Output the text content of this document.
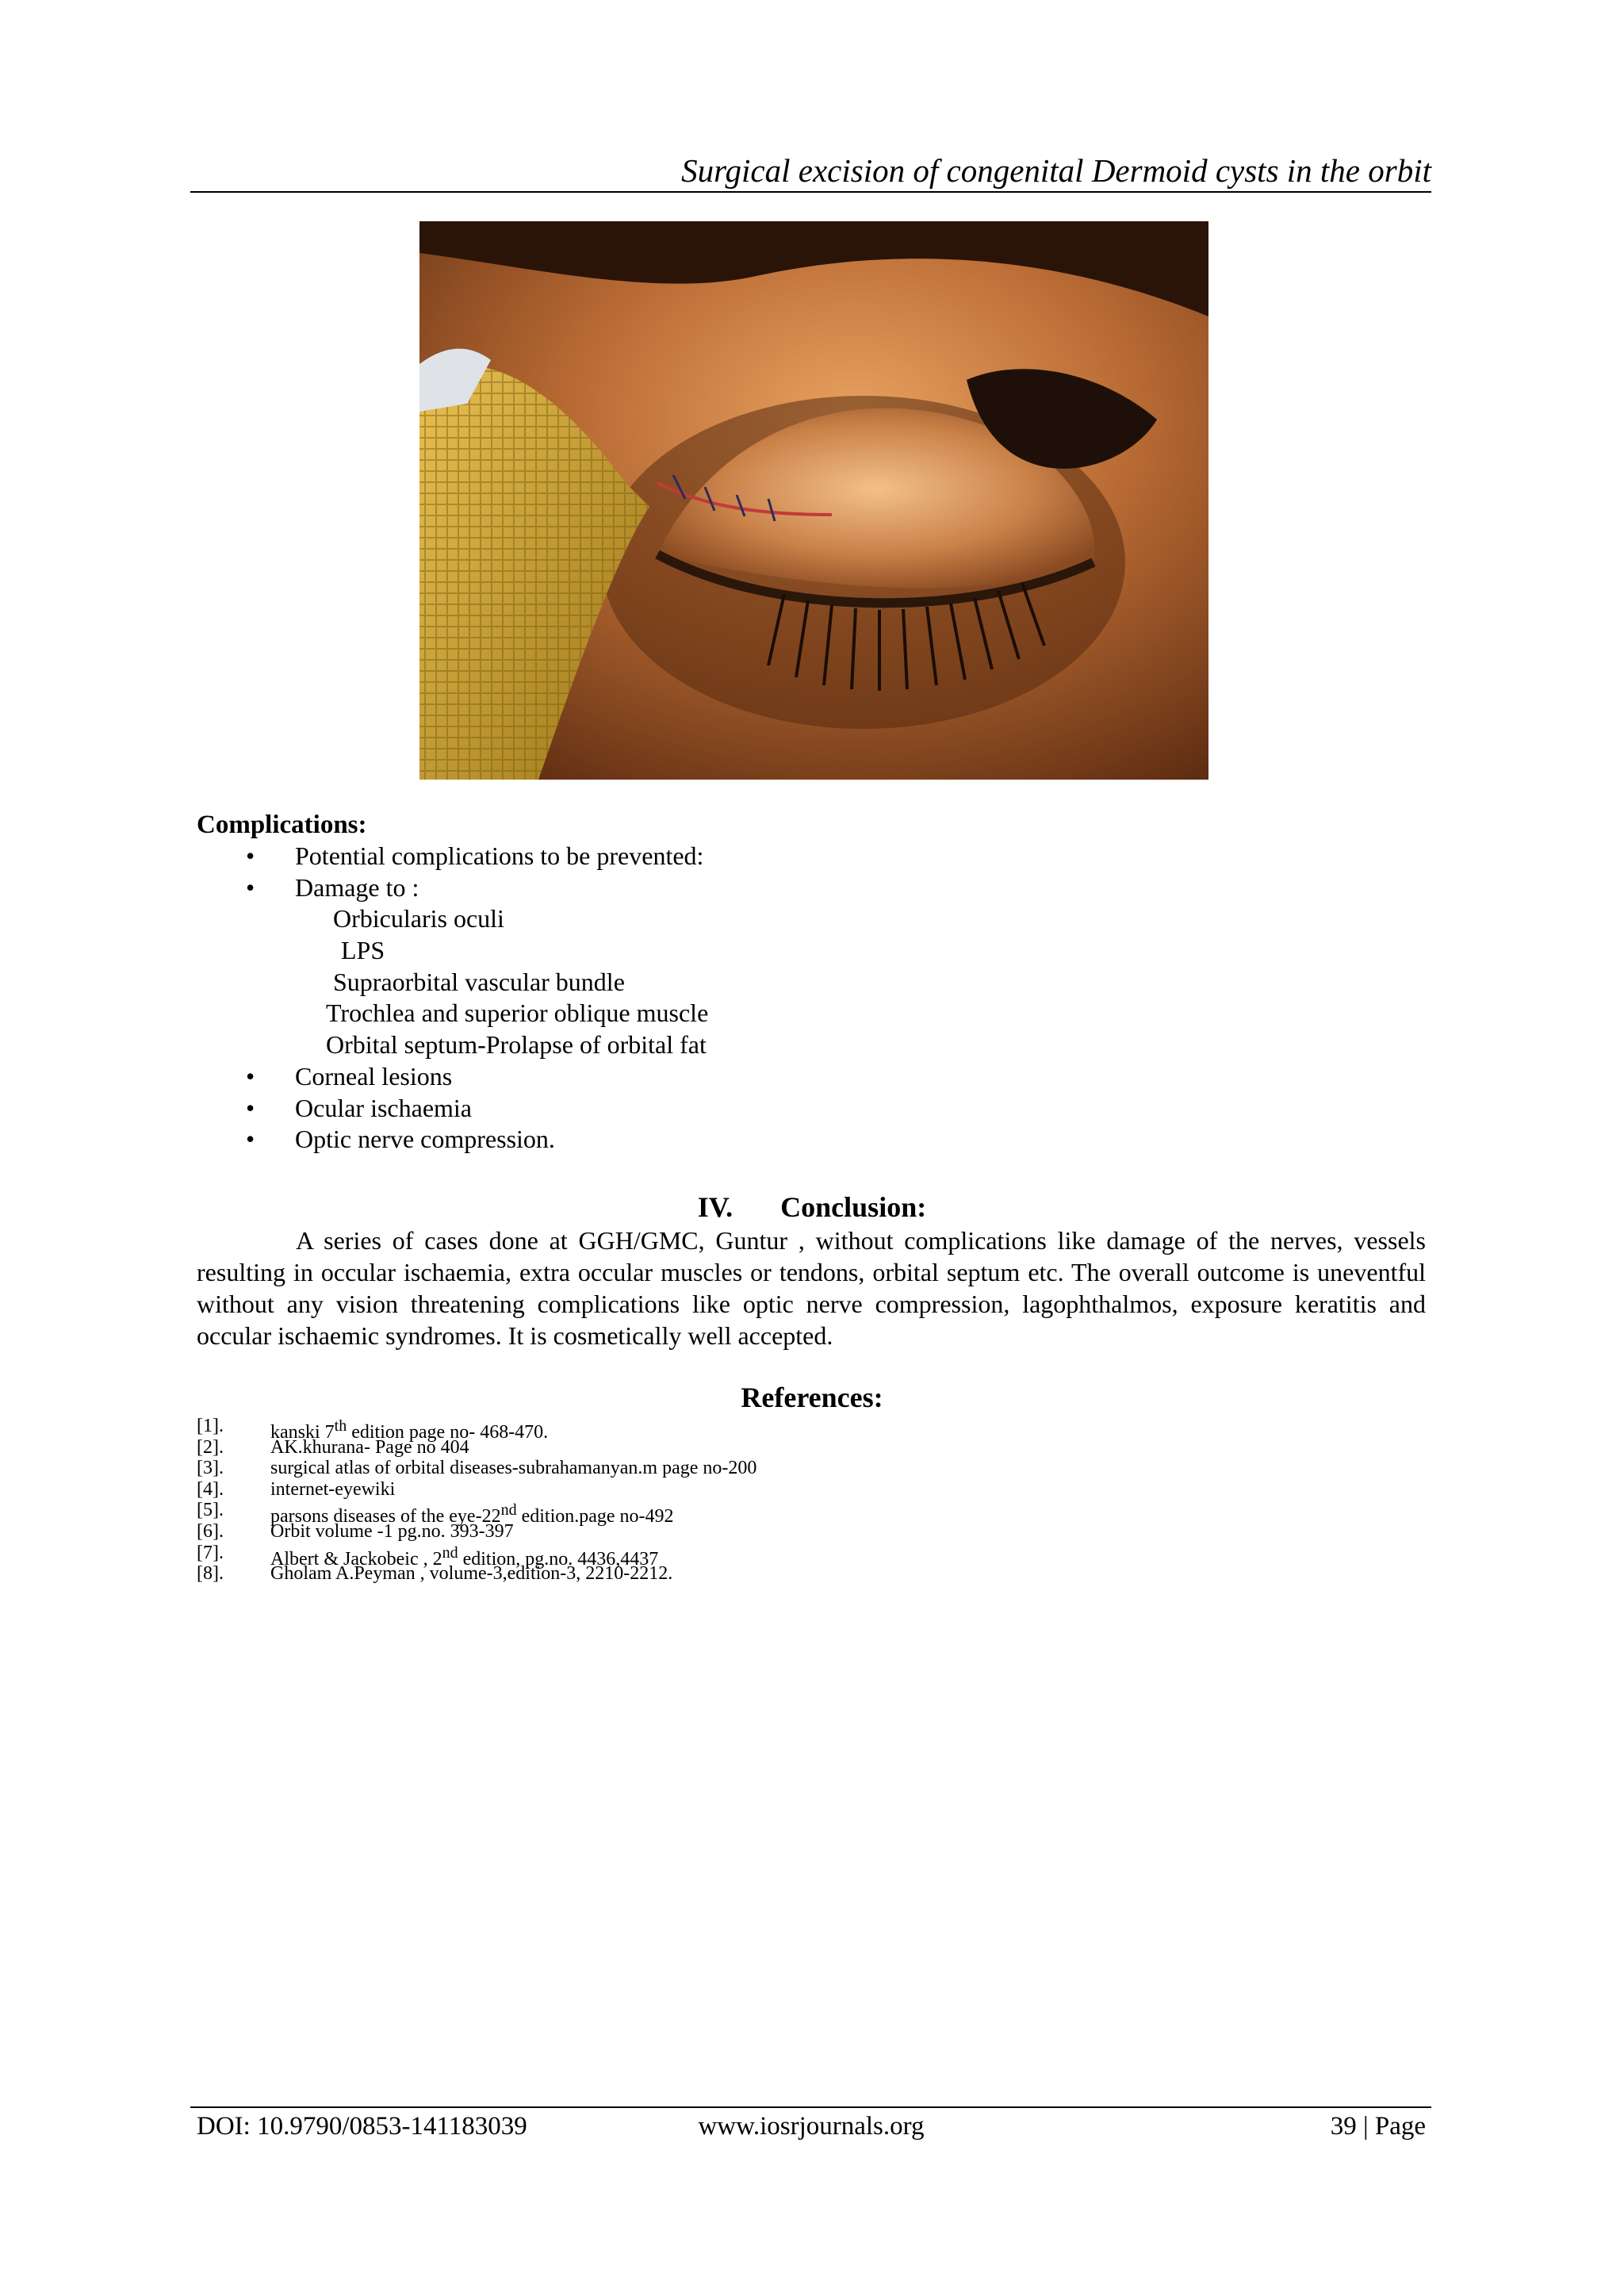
Surgical excision of congenital Dermoid cysts in the orbit
Complications:
• Potential complications to be prevented:
• Damage to :
Orbicularis oculi
LPS
Supraorbital vascular bundle
Trochlea and superior oblique muscle
Orbital septum-Prolapse of orbital fat
• Corneal lesions
• Ocular ischaemia
• Optic nerve compression.
IV. Conclusion:

A series of cases done at GGH/GMC, Guntur , without complications like damage of the nerves, vessels resulting in occular ischaemia, extra occular muscles or tendons, orbital septum etc. The overall outcome is uneventful without any vision threatening complications like optic nerve compression, lagophthalmos, exposure keratitis and occular ischaemic syndromes. It is cosmetically well accepted.

References:
[1]. kanski 7th edition page no- 468-470.
[2]. AK.khurana- Page no 404
[3]. surgical atlas of orbital diseases-subrahamanyan.m page no-200
[4]. internet-eyewiki
[5]. parsons diseases of the eye-22nd edition.page no-492
[6]. Orbit volume -1 pg.no. 393-397
[7]. Albert & Jackobeic , 2nd edition, pg.no. 4436,4437
[8]. Gholam A.Peyman , volume-3,edition-3, 2210-2212.
DOI: 10.9790/0853-141183039	www.iosrjournals.org	39 | Page
